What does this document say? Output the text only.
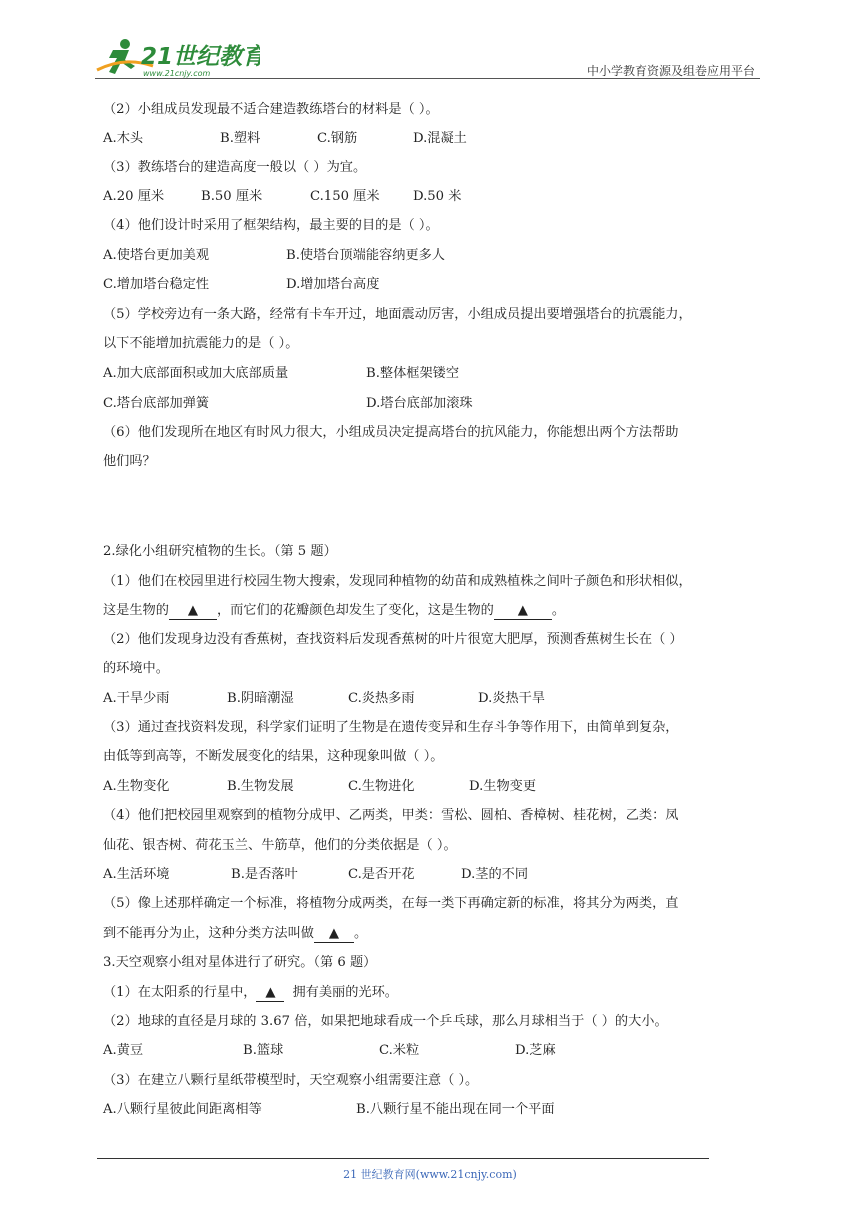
21世纪教育
www.21cnjy.com	中小学教育资源及组卷应用平台
（2）小组成员发现最不适合建造教练塔台的材料是（ ）。
A.木头	B.塑料	C.钢筋	D.混凝土
（3）教练塔台的建造高度一般以（ ）为宜。
A.20 厘米	B.50 厘米	C.150 厘米	D.50 米
（4）他们设计时采用了框架结构，最主要的目的是（ ）。
A.使塔台更加美观	B.使塔台顶端能容纳更多人
C.增加塔台稳定性	D.增加塔台高度
（5）学校旁边有一条大路，经常有卡车开过，地面震动厉害，小组成员提出要增强塔台的抗震能力，
以下不能增加抗震能力的是（ ）。
A.加大底部面积或加大底部质量	B.整体框架镂空
C.塔台底部加弹簧	D.塔台底部加滚珠
（6）他们发现所在地区有时风力很大，小组成员决定提高塔台的抗风能力，你能想出两个方法帮助
他们吗？
2.绿化小组研究植物的生长。（第 5 题）
（1）他们在校园里进行校园生物大搜索，发现同种植物的幼苗和成熟植株之间叶子颜色和形状相似，
这是生物的 ▲ ，而它们的花瓣颜色却发生了变化，这是生物的 ▲ 。
（2）他们发现身边没有香蕉树，查找资料后发现香蕉树的叶片很宽大肥厚，预测香蕉树生长在（ ）
的环境中。
A.干旱少雨	B.阴暗潮湿	C.炎热多雨	D.炎热干旱
（3）通过查找资料发现，科学家们证明了生物是在遗传变异和生存斗争等作用下，由简单到复杂，
由低等到高等，不断发展变化的结果，这种现象叫做（ ）。
A.生物变化	B.生物发展	C.生物进化	D.生物变更
（4）他们把校园里观察到的植物分成甲、乙两类，甲类：雪松、圆柏、香樟树、桂花树，乙类：凤
仙花、银杏树、荷花玉兰、牛筋草，他们的分类依据是（ ）。
A.生活环境	B.是否落叶	C.是否开花	D.茎的不同
（5）像上述那样确定一个标准，将植物分成两类，在每一类下再确定新的标准，将其分为两类，直
到不能再分为止，这种分类方法叫做 ▲ 。
3.天空观察小组对星体进行了研究。（第 6 题）
（1）在太阳系的行星中， ▲ 拥有美丽的光环。
（2）地球的直径是月球的 3.67 倍，如果把地球看成一个乒乓球，那么月球相当于（ ）的大小。
A.黄豆	B.篮球	C.米粒	D.芝麻
（3）在建立八颗行星纸带模型时，天空观察小组需要注意（ ）。
A.八颗行星彼此间距离相等	B.八颗行星不能出现在同一个平面
21 世纪教育网(www.21cnjy.com)
